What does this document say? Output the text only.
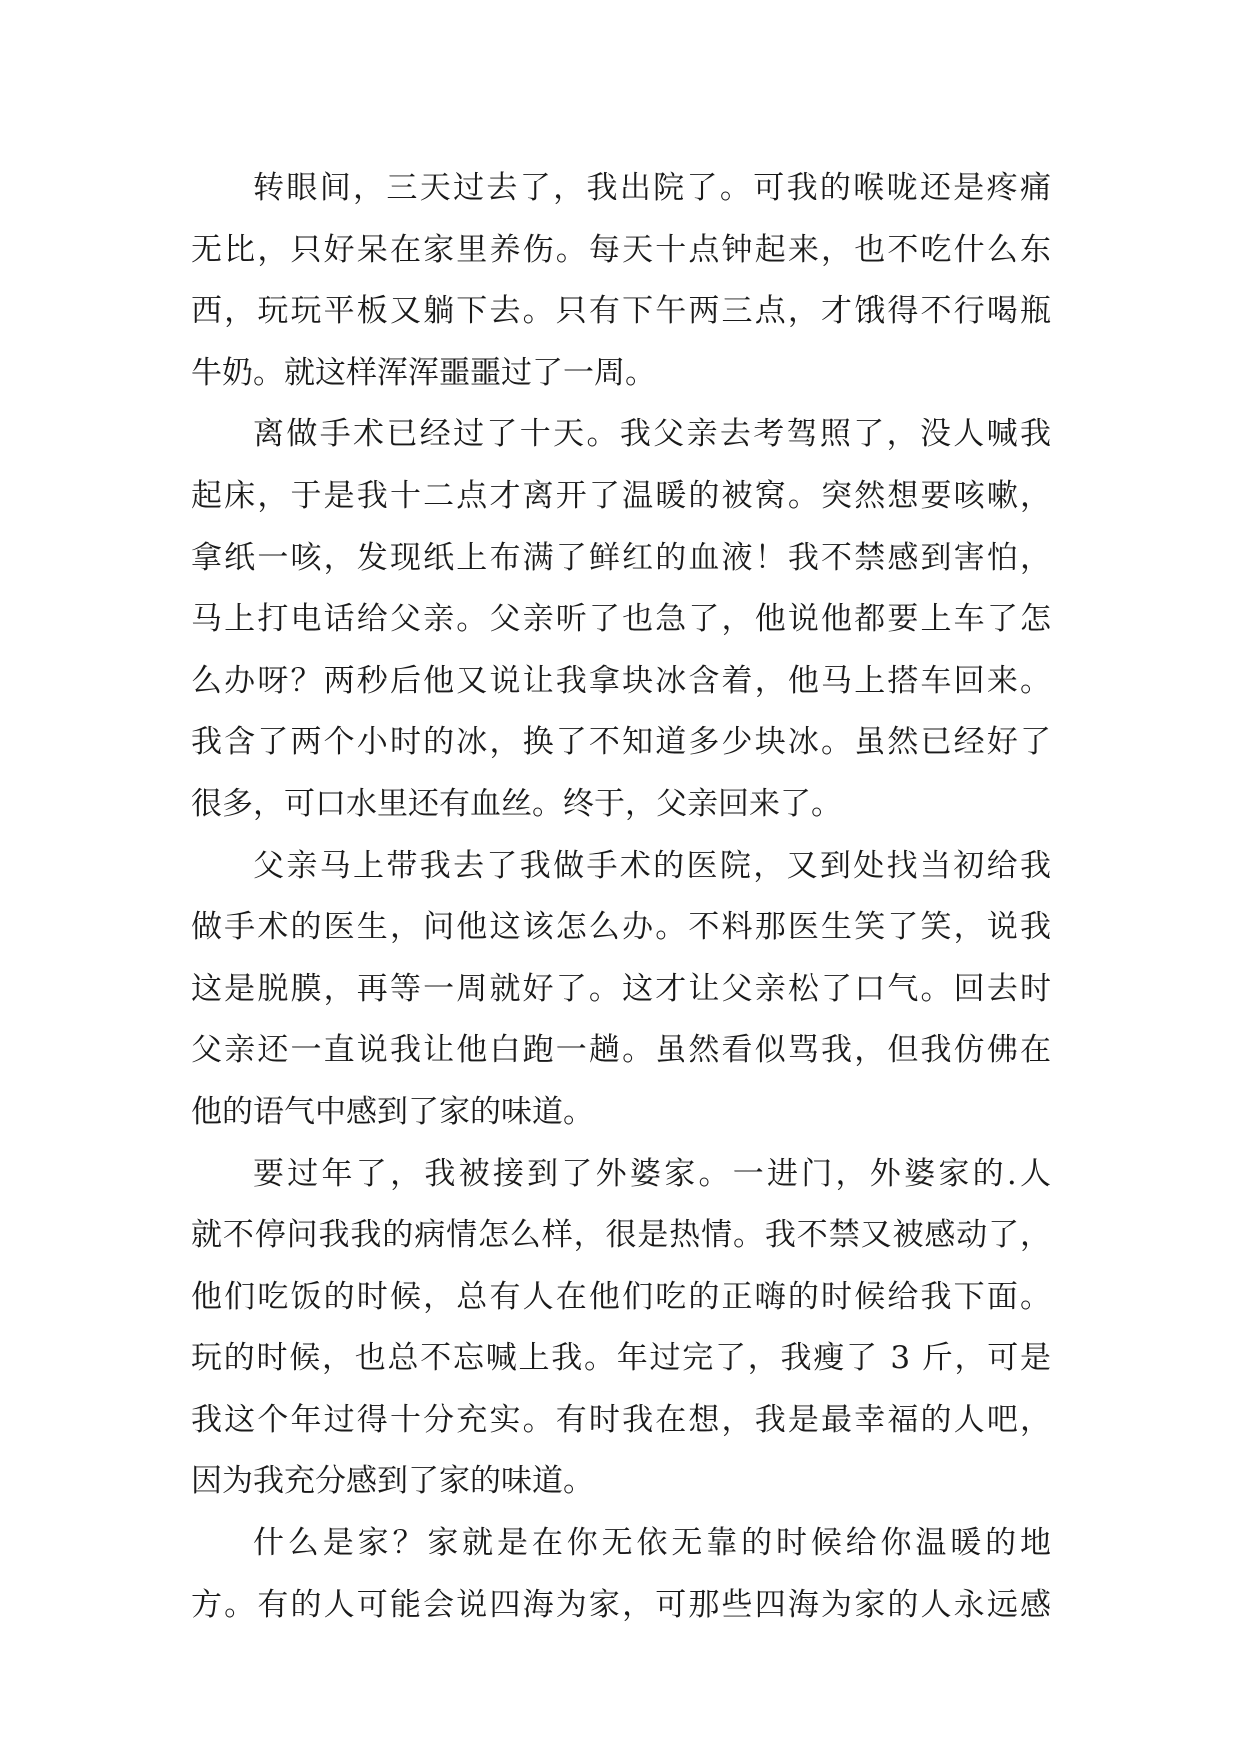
转眼间，三天过去了，我出院了。可我的喉咙还是疼痛
无比，只好呆在家里养伤。每天十点钟起来，也不吃什么东
西，玩玩平板又躺下去。只有下午两三点，才饿得不行喝瓶
牛奶。就这样浑浑噩噩过了一周。
离做手术已经过了十天。我父亲去考驾照了，没人喊我
起床，于是我十二点才离开了温暖的被窝。突然想要咳嗽，
拿纸一咳，发现纸上布满了鲜红的血液！我不禁感到害怕，
马上打电话给父亲。父亲听了也急了，他说他都要上车了怎
么办呀？两秒后他又说让我拿块冰含着，他马上搭车回来。
我含了两个小时的冰，换了不知道多少块冰。虽然已经好了
很多，可口水里还有血丝。终于，父亲回来了。
父亲马上带我去了我做手术的医院，又到处找当初给我
做手术的医生，问他这该怎么办。不料那医生笑了笑，说我
这是脱膜，再等一周就好了。这才让父亲松了口气。回去时
父亲还一直说我让他白跑一趟。虽然看似骂我，但我仿佛在
他的语气中感到了家的味道。
要过年了，我被接到了外婆家。一进门，外婆家的.人
就不停问我我的病情怎么样，很是热情。我不禁又被感动了，
他们吃饭的时候，总有人在他们吃的正嗨的时候给我下面。
玩的时候，也总不忘喊上我。年过完了，我瘦了 3 斤，可是
我这个年过得十分充实。有时我在想，我是最幸福的人吧，
因为我充分感到了家的味道。
什么是家？家就是在你无依无靠的时候给你温暖的地
方。有的人可能会说四海为家，可那些四海为家的人永远感
